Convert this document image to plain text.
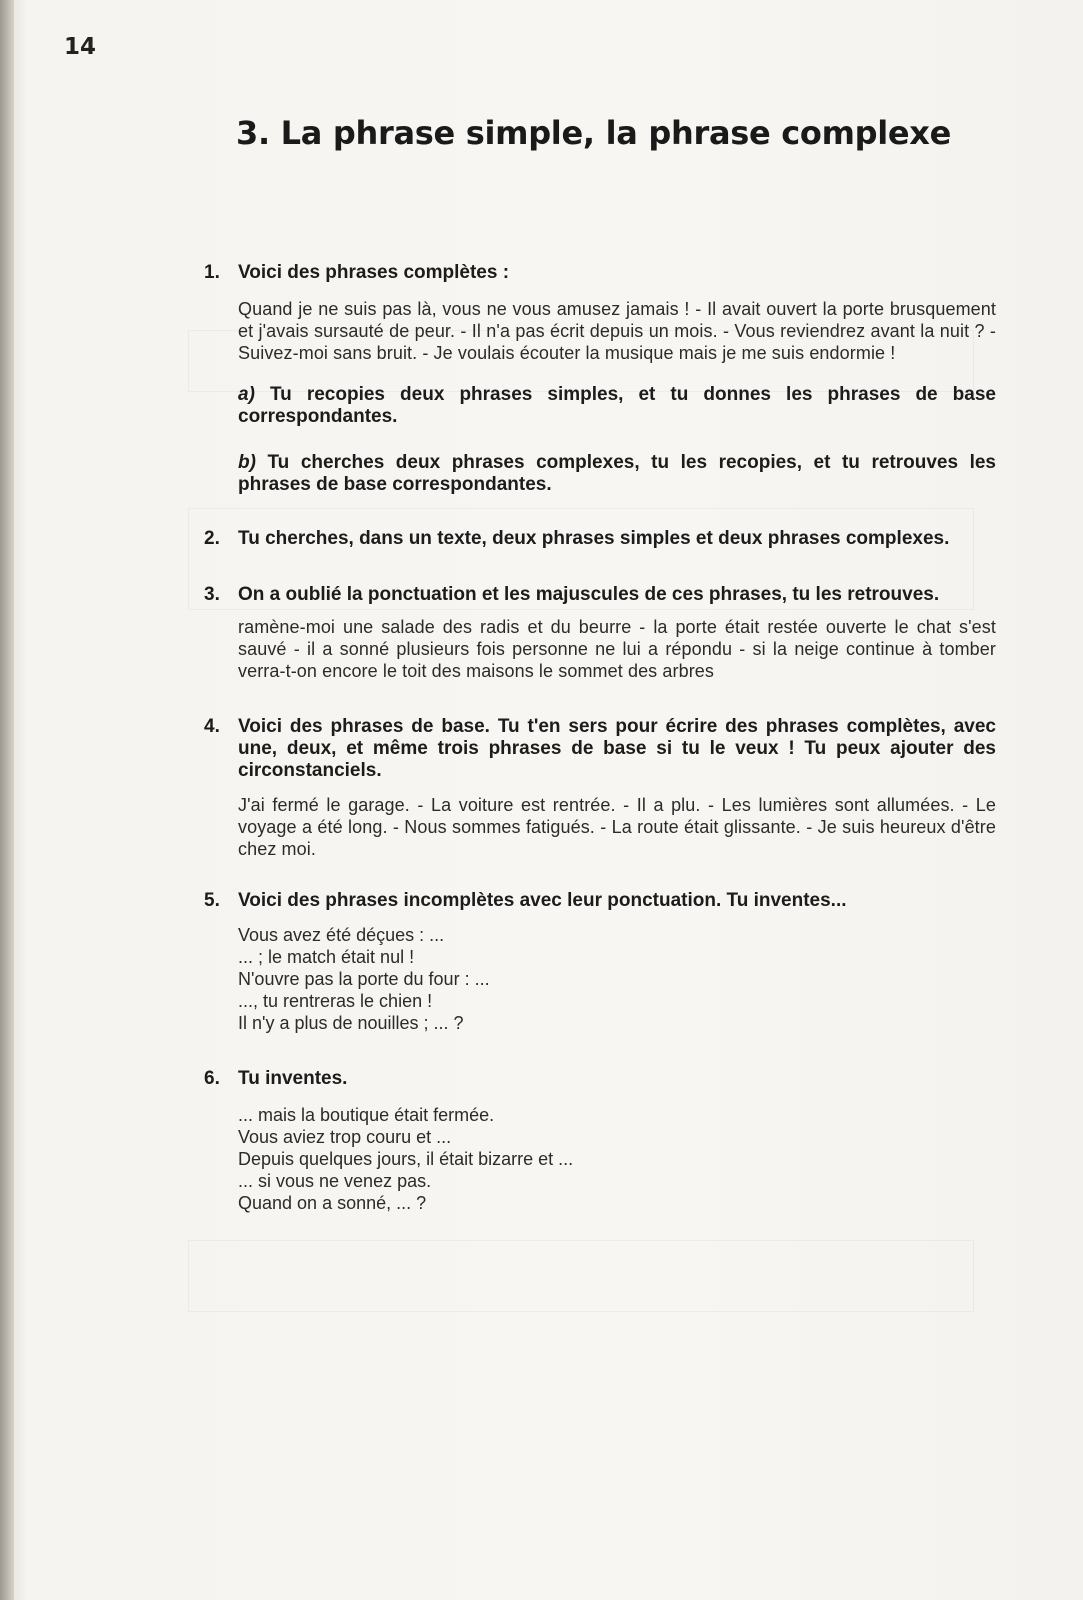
14
3. La phrase simple, la phrase complexe
1. Voici des phrases complètes :

Quand je ne suis pas là, vous ne vous amusez jamais ! - Il avait ouvert la porte brusquement et j'avais sursauté de peur. - Il n'a pas écrit depuis un mois. - Vous reviendrez avant la nuit ? - Suivez-moi sans bruit. - Je voulais écouter la musique mais je me suis endormie !

a) Tu recopies deux phrases simples, et tu donnes les phrases de base correspondantes.

b) Tu cherches deux phrases complexes, tu les recopies, et tu retrouves les phrases de base correspondantes.

2. Tu cherches, dans un texte, deux phrases simples et deux phrases complexes.

3. On a oublié la ponctuation et les majuscules de ces phrases, tu les retrouves.

ramène-moi une salade des radis et du beurre - la porte était restée ouverte le chat s'est sauvé - il a sonné plusieurs fois personne ne lui a répondu - si la neige continue à tomber verra-t-on encore le toit des maisons le sommet des arbres

4. Voici des phrases de base. Tu t'en sers pour écrire des phrases complètes, avec une, deux, et même trois phrases de base si tu le veux ! Tu peux ajouter des circonstanciels.

J'ai fermé le garage. - La voiture est rentrée. - Il a plu. - Les lumières sont allumées. - Le voyage a été long. - Nous sommes fatigués. - La route était glissante. - Je suis heureux d'être chez moi.

5. Voici des phrases incomplètes avec leur ponctuation. Tu inventes...

Vous avez été déçues : ...
... ; le match était nul !
N'ouvre pas la porte du four : ...
..., tu rentreras le chien !
Il n'y a plus de nouilles ; ... ?
6. Tu inventes.

... mais la boutique était fermée.
Vous aviez trop couru et ...
Depuis quelques jours, il était bizarre et ...
... si vous ne venez pas.
Quand on a sonné, ... ?
